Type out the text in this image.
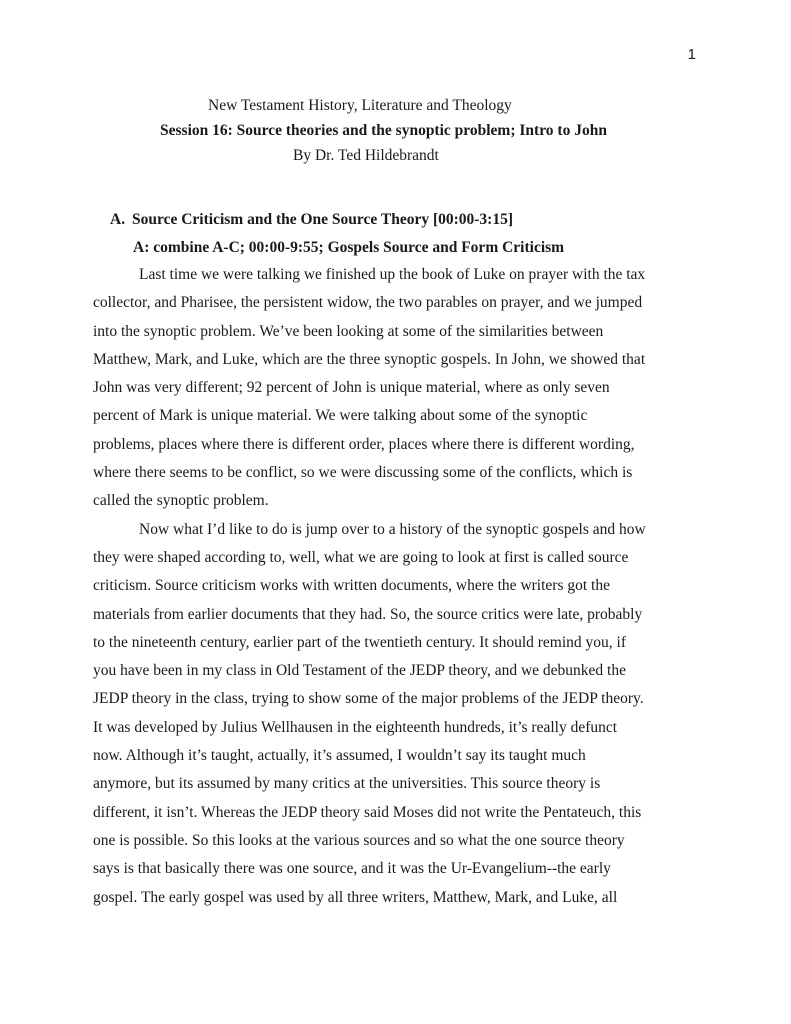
1
New Testament History, Literature and Theology
Session 16: Source theories and the synoptic problem; Intro to John
By Dr. Ted Hildebrandt
A. Source Criticism and the One Source Theory [00:00-3:15]
A: combine A-C; 00:00-9:55; Gospels Source and Form Criticism
Last time we were talking we finished up the book of Luke on prayer with the tax
collector, and Pharisee, the persistent widow, the two parables on prayer, and we jumped
into the synoptic problem. We’ve been looking at some of the similarities between
Matthew, Mark, and Luke, which are the three synoptic gospels. In John, we showed that
John was very different; 92 percent of John is unique material, where as only seven
percent of Mark is unique material. We were talking about some of the synoptic
problems, places where there is different order, places where there is different wording,
where there seems to be conflict, so we were discussing some of the conflicts, which is
called the synoptic problem.
Now what I’d like to do is jump over to a history of the synoptic gospels and how
they were shaped according to, well, what we are going to look at first is called source
criticism. Source criticism works with written documents, where the writers got the
materials from earlier documents that they had. So, the source critics were late, probably
to the nineteenth century, earlier part of the twentieth century. It should remind you, if
you have been in my class in Old Testament of the JEDP theory, and we debunked the
JEDP theory in the class, trying to show some of the major problems of the JEDP theory.
It was developed by Julius Wellhausen in the eighteenth hundreds, it’s really defunct
now. Although it’s taught, actually, it’s assumed, I wouldn’t say its taught much
anymore, but its assumed by many critics at the universities. This source theory is
different, it isn’t. Whereas the JEDP theory said Moses did not write the Pentateuch, this
one is possible. So this looks at the various sources and so what the one source theory
says is that basically there was one source, and it was the Ur-Evangelium--the early
gospel. The early gospel was used by all three writers, Matthew, Mark, and Luke, all
